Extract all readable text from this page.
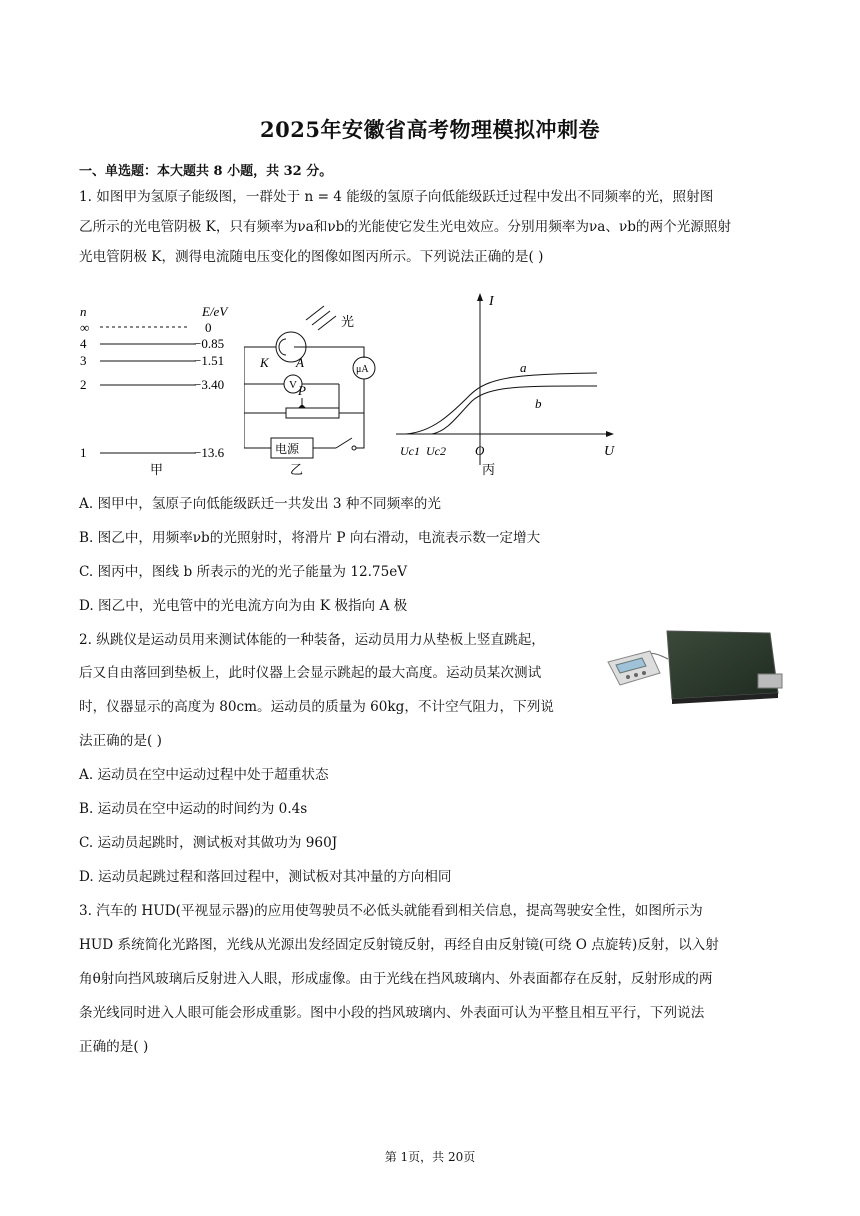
2025年安徽省高考物理模拟冲刺卷
一、单选题：本大题共 8 小题，共 32 分。
1. 如图甲为氢原子能级图，一群处于 n = 4 能级的氢原子向低能级跃迁过程中发出不同频率的光，照射图
乙所示的光电管阴极 K，只有频率为νa和νb的光能使它发生光电效应。分别用频率为νa、νb的两个光源照射
光电管阴极 K，测得电流随电压变化的图像如图丙所示。下列说法正确的是( )
n	E/eV
∞	0
4	−0.85
3	−1.51
2	−3.40
1	−13.6
甲
光
K A	μA
V P
电源
乙
I
U
O
Uc1 Uc2
a
b
丙
A. 图甲中，氢原子向低能级跃迁一共发出 3 种不同频率的光
B. 图乙中，用频率νb的光照射时，将滑片 P 向右滑动，电流表示数一定增大
C. 图丙中，图线 b 所表示的光的光子能量为 12.75eV
D. 图乙中，光电管中的光电流方向为由 K 极指向 A 极
2. 纵跳仪是运动员用来测试体能的一种装备，运动员用力从垫板上竖直跳起，
后又自由落回到垫板上，此时仪器上会显示跳起的最大高度。运动员某次测试
时，仪器显示的高度为 80cm。运动员的质量为 60kg，不计空气阻力，下列说
法正确的是( )
A. 运动员在空中运动过程中处于超重状态
B. 运动员在空中运动的时间约为 0.4s
C. 运动员起跳时，测试板对其做功为 960J
D. 运动员起跳过程和落回过程中，测试板对其冲量的方向相同
3. 汽车的 HUD(平视显示器)的应用使驾驶员不必低头就能看到相关信息，提高驾驶安全性，如图所示为
HUD 系统简化光路图，光线从光源出发经固定反射镜反射，再经自由反射镜(可绕 O 点旋转)反射，以入射
角θ射向挡风玻璃后反射进入人眼，形成虚像。由于光线在挡风玻璃内、外表面都存在反射，反射形成的两
条光线同时进入人眼可能会形成重影。图中小段的挡风玻璃内、外表面可认为平整且相互平行，下列说法
正确的是( )
第 1页，共 20页
